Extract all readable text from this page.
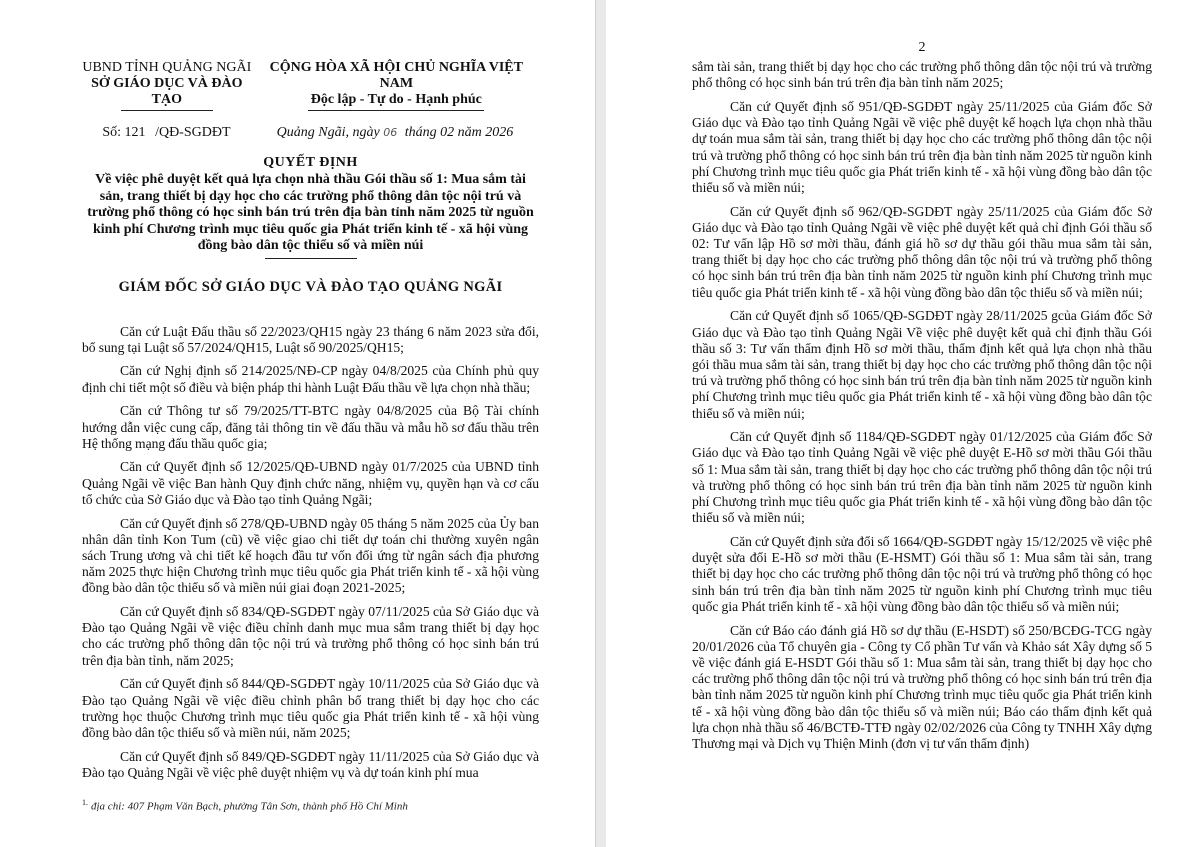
UBND TỈNH QUẢNG NGÃI
SỞ GIÁO DỤC VÀ ĐÀO TẠO
CỘNG HÒA XÃ HỘI CHỦ NGHĨA VIỆT NAM
Độc lập - Tự do - Hạnh phúc
Số: 121 /QĐ-SGDĐT	Quảng Ngãi, ngày 06 tháng 02 năm 2026
QUYẾT ĐỊNH
Về việc phê duyệt kết quả lựa chọn nhà thầu Gói thầu số 1: Mua sắm tài sản, trang thiết bị dạy học cho các trường phổ thông dân tộc nội trú và trường phổ thông có học sinh bán trú trên địa bàn tỉnh năm 2025 từ nguồn kinh phí Chương trình mục tiêu quốc gia Phát triển kinh tế - xã hội vùng đồng bào dân tộc thiểu số và miền núi
GIÁM ĐỐC SỞ GIÁO DỤC VÀ ĐÀO TẠO QUẢNG NGÃI

Căn cứ Luật Đấu thầu số 22/2023/QH15 ngày 23 tháng 6 năm 2023 sửa đổi, bổ sung tại Luật số 57/2024/QH15, Luật số 90/2025/QH15;

Căn cứ Nghị định số 214/2025/NĐ-CP ngày 04/8/2025 của Chính phủ quy định chi tiết một số điều và biện pháp thi hành Luật Đấu thầu về lựa chọn nhà thầu;

Căn cứ Thông tư số 79/2025/TT-BTC ngày 04/8/2025 của Bộ Tài chính hướng dẫn việc cung cấp, đăng tải thông tin về đấu thầu và mẫu hồ sơ đấu thầu trên Hệ thống mạng đấu thầu quốc gia;

Căn cứ Quyết định số 12/2025/QĐ-UBND ngày 01/7/2025 của UBND tỉnh Quảng Ngãi về việc Ban hành Quy định chức năng, nhiệm vụ, quyền hạn và cơ cấu tổ chức của Sở Giáo dục và Đào tạo tỉnh Quảng Ngãi;

Căn cứ Quyết định số 278/QĐ-UBND ngày 05 tháng 5 năm 2025 của Ủy ban nhân dân tỉnh Kon Tum (cũ) về việc giao chi tiết dự toán chi thường xuyên ngân sách Trung ương và chi tiết kế hoạch đầu tư vốn đối ứng từ ngân sách địa phương năm 2025 thực hiện Chương trình mục tiêu quốc gia Phát triển kinh tế - xã hội vùng đồng bào dân tộc thiểu số và miền núi giai đoạn 2021-2025;

Căn cứ Quyết định số 834/QĐ-SGDĐT ngày 07/11/2025 của Sở Giáo dục và Đào tạo Quảng Ngãi về việc điều chỉnh danh mục mua sắm trang thiết bị dạy học cho các trường phổ thông dân tộc nội trú và trường phổ thông có học sinh bán trú trên địa bàn tỉnh, năm 2025;

Căn cứ Quyết định số 844/QĐ-SGDĐT ngày 10/11/2025 của Sở Giáo dục và Đào tạo Quảng Ngãi về việc điều chỉnh phân bổ trang thiết bị dạy học cho các trường học thuộc Chương trình mục tiêu quốc gia Phát triển kinh tế - xã hội vùng đồng bào dân tộc thiểu số và miền núi, năm 2025;

Căn cứ Quyết định số 849/QĐ-SGDĐT ngày 11/11/2025 của Sở Giáo dục và Đào tạo Quảng Ngãi về việc phê duyệt nhiệm vụ và dự toán kinh phí mua

$^{1.}$ địa chỉ: 407 Phạm Văn Bạch, phường Tân Sơn, thành phố Hồ Chí Minh
2

sắm tài sản, trang thiết bị dạy học cho các trường phổ thông dân tộc nội trú và trường phổ thông có học sinh bán trú trên địa bàn tỉnh năm 2025;

Căn cứ Quyết định số 951/QĐ-SGDĐT ngày 25/11/2025 của Giám đốc Sở Giáo dục và Đào tạo tỉnh Quảng Ngãi về việc phê duyệt kế hoạch lựa chọn nhà thầu dự toán mua sắm tài sản, trang thiết bị dạy học cho các trường phổ thông dân tộc nội trú và trường phổ thông có học sinh bán trú trên địa bàn tỉnh năm 2025 từ nguồn kinh phí Chương trình mục tiêu quốc gia Phát triển kinh tế - xã hội vùng đồng bào dân tộc thiểu số và miền núi;

Căn cứ Quyết định số 962/QĐ-SGDĐT ngày 25/11/2025 của Giám đốc Sở Giáo dục và Đào tạo tỉnh Quảng Ngãi về việc phê duyệt kết quả chỉ định Gói thầu số 02: Tư vấn lập Hồ sơ mời thầu, đánh giá hồ sơ dự thầu gói thầu mua sắm tài sản, trang thiết bị dạy học cho các trường phổ thông dân tộc nội trú và trường phổ thông có học sinh bán trú trên địa bàn tỉnh năm 2025 từ nguồn kinh phí Chương trình mục tiêu quốc gia Phát triển kinh tế - xã hội vùng đồng bào dân tộc thiểu số và miền núi;

Căn cứ Quyết định số 1065/QĐ-SGDĐT ngày 28/11/2025 gcủa Giám đốc Sở Giáo dục và Đào tạo tỉnh Quảng Ngãi Về việc phê duyệt kết quả chỉ định thầu Gói thầu số 3: Tư vấn thẩm định Hồ sơ mời thầu, thẩm định kết quả lựa chọn nhà thầu gói thầu mua sắm tài sản, trang thiết bị dạy học cho các trường phổ thông dân tộc nội trú và trường phổ thông có học sinh bán trú trên địa bàn tỉnh năm 2025 từ nguồn kinh phí Chương trình mục tiêu quốc gia Phát triển kinh tế - xã hội vùng đồng bào dân tộc thiểu số và miền núi;

Căn cứ Quyết định số 1184/QĐ-SGDĐT ngày 01/12/2025 của Giám đốc Sở Giáo dục và Đào tạo tỉnh Quảng Ngãi về việc phê duyệt E-Hồ sơ mời thầu Gói thầu số 1: Mua sắm tài sản, trang thiết bị dạy học cho các trường phổ thông dân tộc nội trú và trường phổ thông có học sinh bán trú trên địa bàn tỉnh năm 2025 từ nguồn kinh phí Chương trình mục tiêu quốc gia Phát triển kinh tế - xã hội vùng đồng bào dân tộc thiểu số và miền núi;

Căn cứ Quyết định sửa đổi số 1664/QĐ-SGDĐT ngày 15/12/2025 về việc phê duyệt sửa đổi E-Hồ sơ mời thầu (E-HSMT) Gói thầu số 1: Mua sắm tài sản, trang thiết bị dạy học cho các trường phổ thông dân tộc nội trú và trường phổ thông có học sinh bán trú trên địa bàn tỉnh năm 2025 từ nguồn kinh phí Chương trình mục tiêu quốc gia Phát triển kinh tế - xã hội vùng đồng bào dân tộc thiểu số và miền núi;

Căn cứ Báo cáo đánh giá Hồ sơ dự thầu (E-HSDT) số 250/BCĐG-TCG ngày 20/01/2026 của Tổ chuyên gia - Công ty Cổ phần Tư vấn và Khảo sát Xây dựng số 5 về việc đánh giá E-HSDT Gói thầu số 1: Mua sắm tài sản, trang thiết bị dạy học cho các trường phổ thông dân tộc nội trú và trường phổ thông có học sinh bán trú trên địa bàn tỉnh năm 2025 từ nguồn kinh phí Chương trình mục tiêu quốc gia Phát triển kinh tế - xã hội vùng đồng bào dân tộc thiểu số và miền núi; Báo cáo thẩm định kết quả lựa chọn nhà thầu số 46/BCTĐ-TTĐ ngày 02/02/2026 của Công ty TNHH Xây dựng Thương mại và Dịch vụ Thiện Minh (đơn vị tư vấn thẩm định)
